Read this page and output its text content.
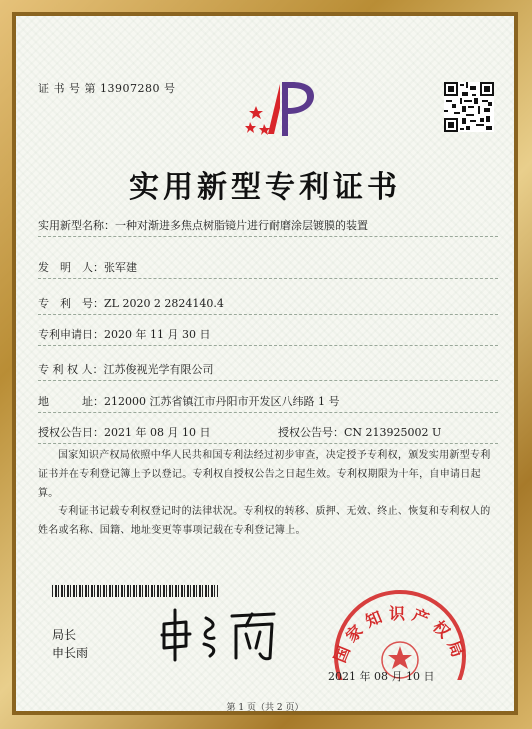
证 书 号 第 13907280 号
实用新型专利证书
实用新型名称：一种对渐进多焦点树脂镜片进行耐磨涂层镀膜的装置
发　明　人：张军建
专　利　号：ZL 2020 2 2824140.4
专利申请日：2020 年 11 月 30 日
专 利 权 人：江苏俊视光学有限公司
地　　　址：212000 江苏省镇江市丹阳市开发区八纬路 1 号
授权公告日：2021 年 08 月 10 日	授权公告号：CN 213925002 U
国家知识产权局依照中华人民共和国专利法经过初步审查，决定授予专利权，颁发实用新型专利证书并在专利登记簿上予以登记。专利权自授权公告之日起生效。专利权期限为十年，自申请日起算。
专利证书记载专利权登记时的法律状况。专利权的转移、质押、无效、终止、恢复和专利权人的姓名或名称、国籍、地址变更等事项记载在专利登记簿上。
局长
申长雨	国家知识产权局
2021 年 08 月 10 日
第 1 页（共 2 页）
